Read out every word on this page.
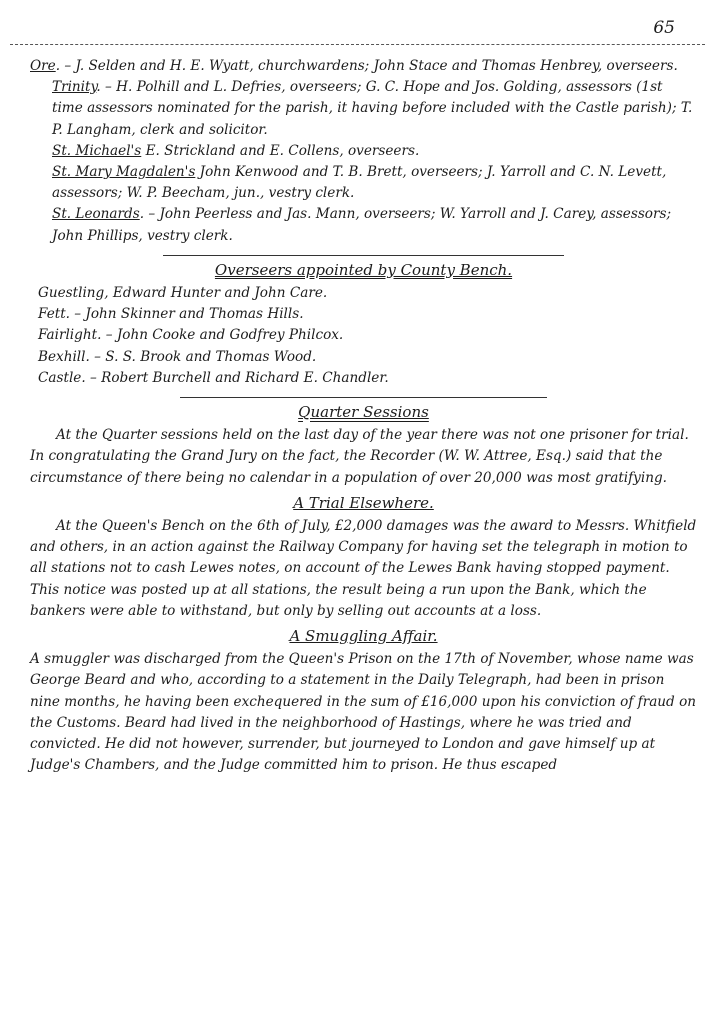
65

Ore. – J. Selden and H. E. Wyatt, churchwardens; John Stace and Thomas Henbrey, overseers.

Trinity. – H. Polhill and L. Defries, overseers; G. C. Hope and Jos. Golding, assessors (1st time assessors nominated for the parish, it having before included with the Castle parish); T. P. Langham, clerk and solicitor.

St. Michael's E. Strickland and E. Collens, overseers.

St. Mary Magdalen's John Kenwood and T. B. Brett, overseers; J. Yarroll and C. N. Levett, assessors; W. P. Beecham, jun., vestry clerk.

St. Leonards. – John Peerless and Jas. Mann, overseers; W. Yarroll and J. Carey, assessors; John Phillips, vestry clerk.

Overseers appointed by County Bench.

Guestling, Edward Hunter and John Care.

Fett. – John Skinner and Thomas Hills.

Fairlight. – John Cooke and Godfrey Philcox.

Bexhill. – S. S. Brook and Thomas Wood.

Castle. – Robert Burchell and Richard E. Chandler.

Quarter Sessions

At the Quarter sessions held on the last day of the year there was not one prisoner for trial. In congratulating the Grand Jury on the fact, the Recorder (W. W. Attree, Esq.) said that the circumstance of there being no calendar in a population of over 20,000 was most gratifying.

A Trial Elsewhere.

At the Queen's Bench on the 6th of July, £2,000 damages was the award to Messrs. Whitfield and others, in an action against the Railway Company for having set the telegraph in motion to all stations not to cash Lewes notes, on account of the Lewes Bank having stopped payment. This notice was posted up at all stations, the result being a run upon the Bank, which the bankers were able to withstand, but only by selling out accounts at a loss.

A Smuggling Affair.

A smuggler was discharged from the Queen's Prison on the 17th of November, whose name was George Beard and who, according to a statement in the Daily Telegraph, had been in prison nine months, he having been exchequered in the sum of £16,000 upon his conviction of fraud on the Customs. Beard had lived in the neighborhood of Hastings, where he was tried and convicted. He did not however, surrender, but journeyed to London and gave himself up at Judge's Chambers, and the Judge committed him to prison. He thus escaped
